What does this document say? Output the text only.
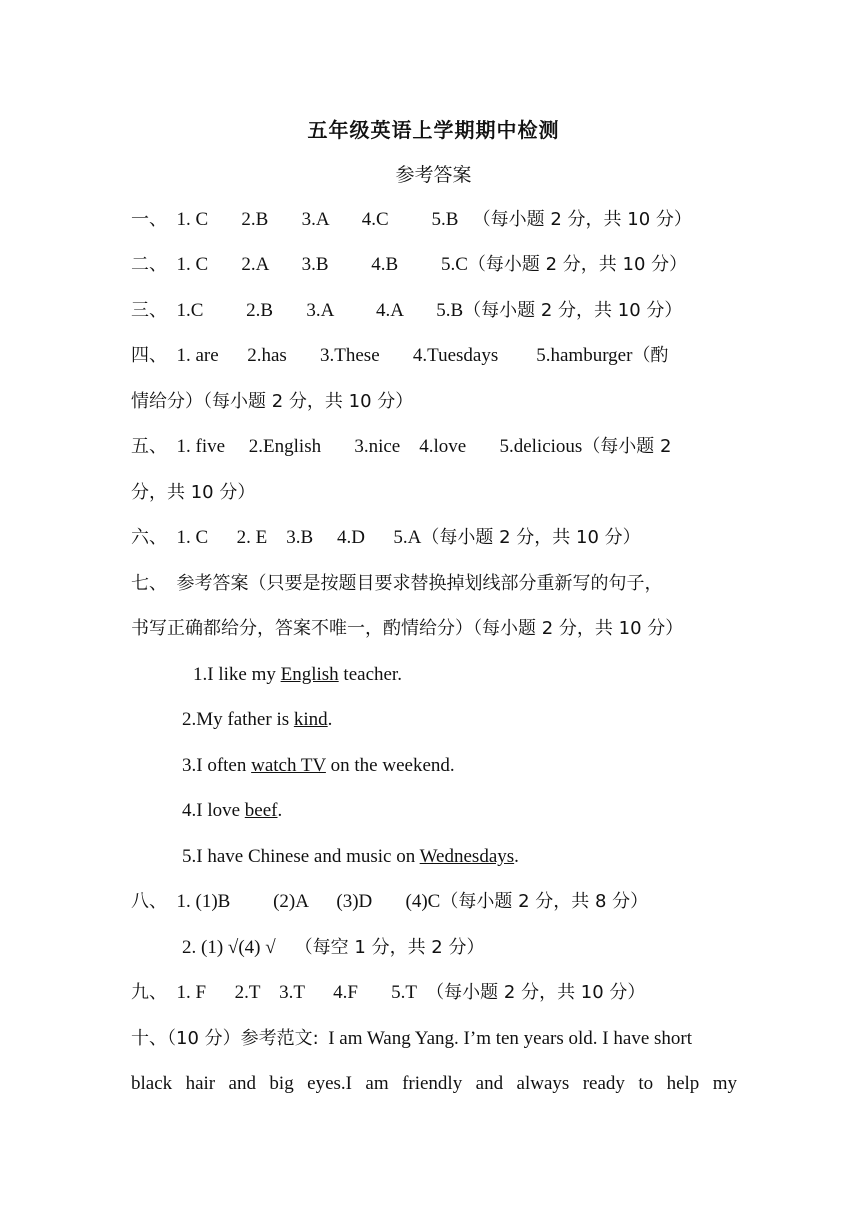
五年级英语上学期期中检测
参考答案
一、 1. C       2.B       3.A       4.C         5.B （每小题 2 分，共 10 分）
二、 1. C       2.A       3.B         4.B         5.C（每小题 2 分，共 10 分）
三、 1.C         2.B       3.A         4.A       5.B（每小题 2 分，共 10 分）
四、 1. are      2.has       3.These       4.Tuesdays        5.hamburger（酌
情给分）（每小题 2 分，共 10 分）
五、 1. five     2.English       3.nice    4.love       5.delicious（每小题 2
分，共 10 分）
六、 1. C      2. E    3.B     4.D      5.A（每小题 2 分，共 10 分）
七、 参考答案（只要是按题目要求替换掉划线部分重新写的句子，
书写正确都给分，答案不唯一，酌情给分）（每小题 2 分，共 10 分）
1.I like my English teacher.
2.My father is kind.
3.I often watch TV on the weekend.
4.I love beef.
5.I have Chinese and music on Wednesdays.
八、 1. (1)B         (2)A      (3)D       (4)C（每小题 2 分，共 8 分）
2. (1) √(4) √ （每空 1 分，共 2 分）
九、 1. F      2.T    3.T      4.F       5.T （每小题 2 分，共 10 分）
十、（10 分）参考范文: I am Wang Yang. I’m ten years old. I have short
black hair and big eyes.I am friendly and always ready to help my
